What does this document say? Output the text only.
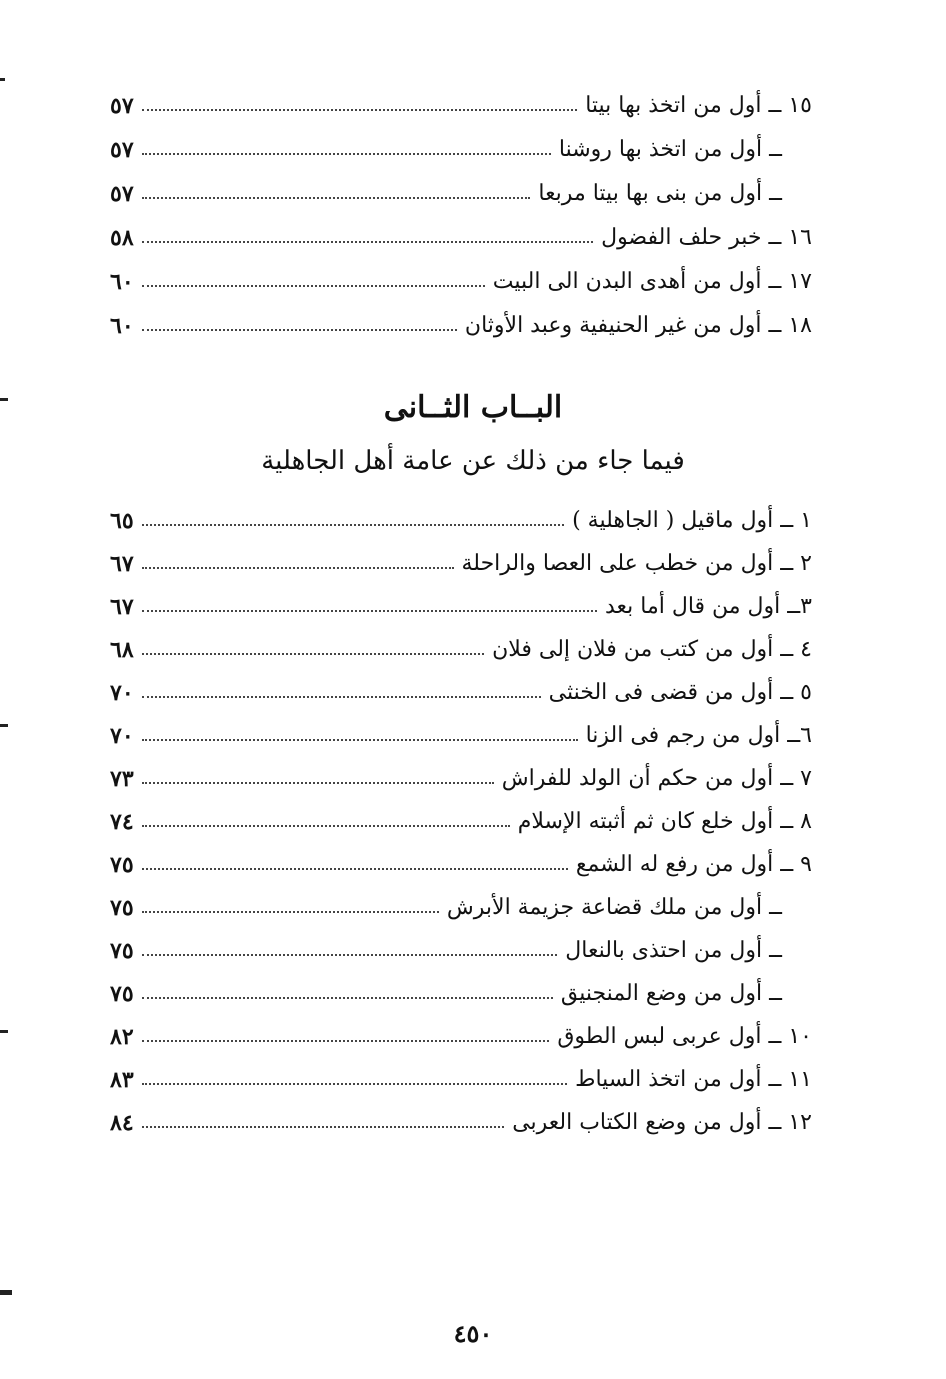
١٥ ــ أول من اتخذ بها بيتا
٥٧
ــ أول من اتخذ بها روشنا
٥٧
ــ أول من بنى بها بيتا مربعا
٥٧
١٦ ــ خبر حلف الفضول
٥٨
١٧ ــ أول من أهدى البدن الى البيت
٦٠
١٨ ــ أول من غير الحنيفية وعبد الأوثان
٦٠
البــاب الثــانى
فيما جاء من ذلك عن عامة أهل الجاهلية
١ ــ أول ماقيل ( الجاهلية )
٦٥
٢ ــ أول من خطب على العصا والراحلة
٦٧
٣ــ أول من قال أما بعد
٦٧
٤ ــ أول من كتب من فلان إلى فلان
٦٨
٥ ــ أول من قضى فى الخنثى
٧٠
٦ــ أول من رجم فى الزنا
٧٠
٧ ــ أول من حكم أن الولد للفراش
٧٣
٨ ــ أول خلع كان ثم أثبته الإسلام
٧٤
٩ ــ أول من رفع له الشمع
٧٥
ــ أول من ملك قضاعة جزيمة الأبرش
٧٥
ــ أول من احتذى بالنعال
٧٥
ــ أول من وضع المنجنيق
٧٥
١٠ ــ أول عربى لبس الطوق
٨٢
١١ ــ أول من اتخذ السياط
٨٣
١٢ ــ أول من وضع الكتاب العربى
٨٤
٤٥٠
